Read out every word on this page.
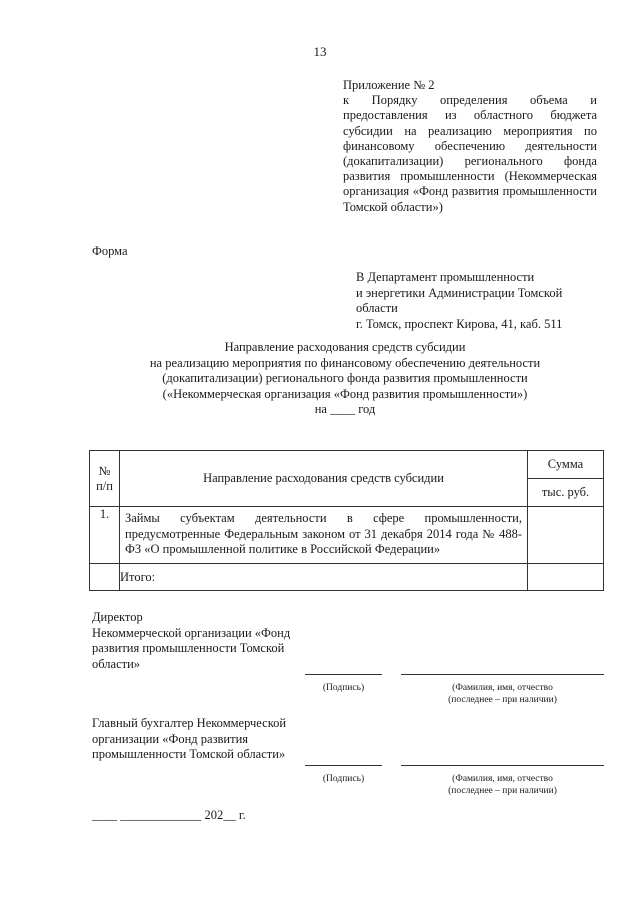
13
Приложение № 2
к Порядку определения объема и предоставления из областного бюджета субсидии на реализацию мероприятия по финансовому обеспечению деятельности (докапитализации) регионального фонда развития промышленности (Некоммерческая организация «Фонд развития промышленности Томской области»)
Форма
В Департамент промышленности
и энергетики Администрации Томской
области
г. Томск, проспект Кирова, 41, каб. 511
Направление расходования средств субсидии
на реализацию мероприятия по финансовому обеспечению деятельности
(докапитализации) регионального фонда развития промышленности
(«Некоммерческая организация «Фонд развития промышленности»)
на ____ год
№
п/п	Направление расходования средств субсидии	Сумма
		тыс. руб.
1.	Займы субъектам деятельности в сфере промышленности, предусмотренные Федеральным законом от 31 декабря 2014 года № 488-ФЗ «О промышленной политике в Российской Федерации»	

	Итого:	
Директор
Некоммерческой организации «Фонд
развития промышленности Томской
области»
(Подпись)	(Фамилия, имя, отчество
(последнее – при наличии)
Главный бухгалтер Некоммерческой
организации «Фонд развития
промышленности Томской области»
(Подпись)	(Фамилия, имя, отчество
(последнее – при наличии)
____ _____________ 202__ г.
